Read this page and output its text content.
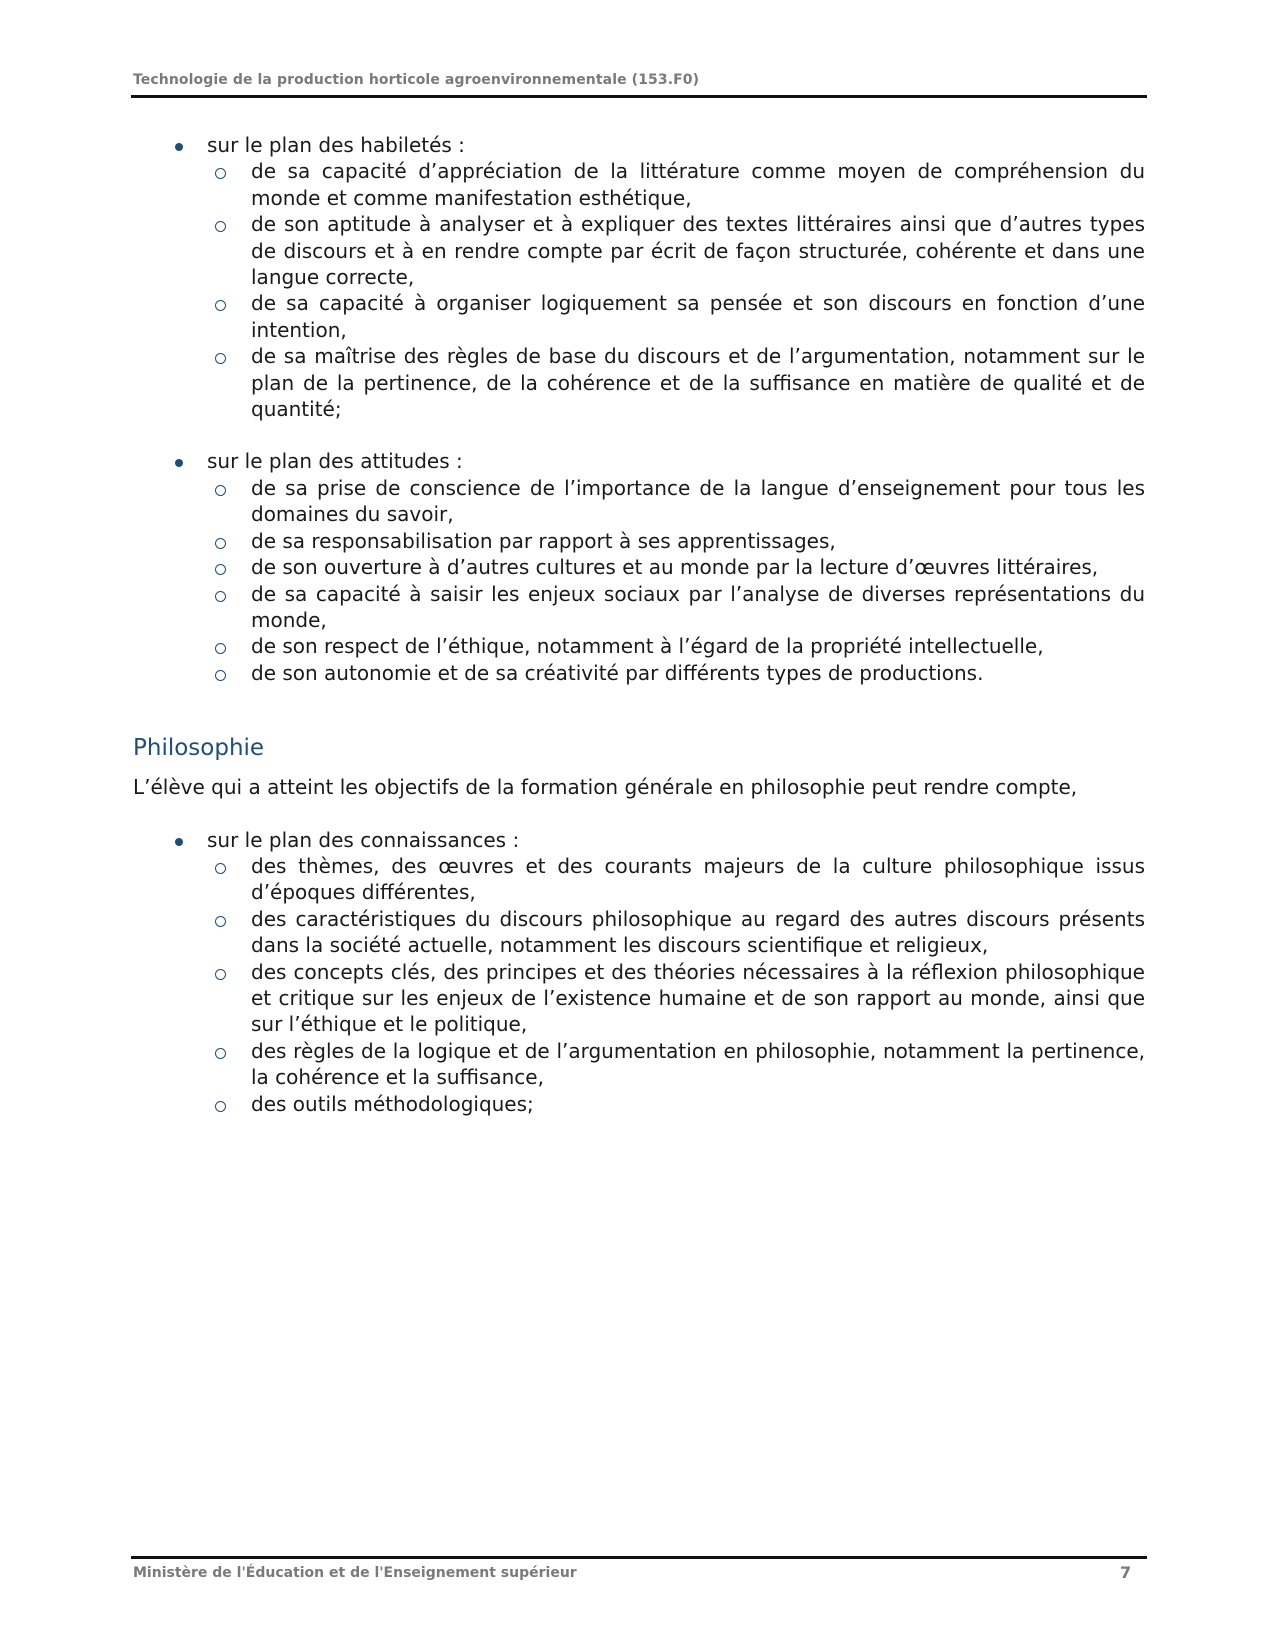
Technologie de la production horticole agroenvironnementale (153.F0)
sur le plan des habiletés :
de sa capacité d’appréciation de la littérature comme moyen de compréhension du monde et comme manifestation esthétique,
de son aptitude à analyser et à expliquer des textes littéraires ainsi que d’autres types de discours et à en rendre compte par écrit de façon structurée, cohérente et dans une langue correcte,
de sa capacité à organiser logiquement sa pensée et son discours en fonction d’une intention,
de sa maîtrise des règles de base du discours et de l’argumentation, notamment sur le plan de la pertinence, de la cohérence et de la suffisance en matière de qualité et de quantité;
sur le plan des attitudes :
de sa prise de conscience de l’importance de la langue d’enseignement pour tous les domaines du savoir,
de sa responsabilisation par rapport à ses apprentissages,
de son ouverture à d’autres cultures et au monde par la lecture d’œuvres littéraires,
de sa capacité à saisir les enjeux sociaux par l’analyse de diverses représentations du monde,
de son respect de l’éthique, notamment à l’égard de la propriété intellectuelle,
de son autonomie et de sa créativité par différents types de productions.
Philosophie
L’élève qui a atteint les objectifs de la formation générale en philosophie peut rendre compte,
sur le plan des connaissances :
des thèmes, des œuvres et des courants majeurs de la culture philosophique issus d’époques différentes,
des caractéristiques du discours philosophique au regard des autres discours présents dans la société actuelle, notamment les discours scientifique et religieux,
des concepts clés, des principes et des théories nécessaires à la réflexion philosophique et critique sur les enjeux de l’existence humaine et de son rapport au monde, ainsi que sur l’éthique et le politique,
des règles de la logique et de l’argumentation en philosophie, notamment la pertinence, la cohérence et la suffisance,
des outils méthodologiques;
Ministère de l'Éducation et de l'Enseignement supérieur	7
